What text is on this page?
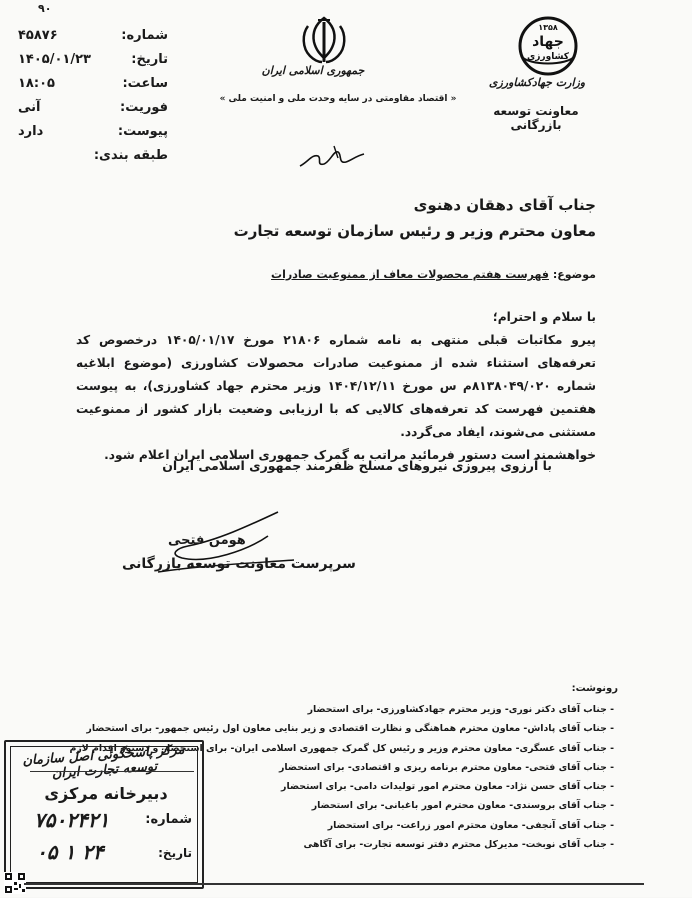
۹۰
شماره:
۴۵۸۷۶
تاریخ:
۱۴۰۵/۰۱/۲۳
ساعت:
۱۸:۰۵
فوریت:
آنی
پیوست:
دارد
طبقه بندی:
جمهوری اسلامی ایران
« اقتصاد مقاومتی در سایه وحدت ملی و امنیت ملی »
۱۳۵۸
جهاد
کشاورزی
وزارت جهادکشاورزی
معاونت توسعه بازرگانی
جناب آقای دهقان دهنوی
معاون محترم وزیر و رئیس سازمان توسعه تجارت
موضوع: فهرست هفتم محصولات معاف از ممنوعیت صادرات

با سلام و احترام؛

پیرو مکاتبات قبلی منتهی به نامه شماره ۲۱۸۰۶ مورخ ۱۴۰۵/۰۱/۱۷ درخصوص کد تعرفه‌های استثناء شده از ممنوعیت صادرات محصولات کشاورزی (موضوع ابلاغیه شماره ۸۱۳۸۰۴۹/۰۲۰م س مورخ ۱۴۰۴/۱۲/۱۱ وزیر محترم جهاد کشاورزی)، به پیوست هفتمین فهرست کد تعرفه‌های کالایی که با ارزیابی وضعیت بازار کشور از ممنوعیت مستثنی می‌شوند، ایفاد می‌گردد.

خواهشمند است دستور فرمائید مراتب به گمرک جمهوری اسلامی ایران اعلام شود.

با آرزوی پیروزی نیروهای مسلح ظفرمند جمهوری اسلامی ایران
هومن فتحی
سرپرست معاونت توسعه بازرگانی
رونوشت:
- جناب آقای دکتر نوری- وزیر محترم جهادکشاورزی- برای استحضار
- جناب آقای پاداش- معاون محترم هماهنگی و نظارت اقتصادی و زیر بنایی معاون اول رئیس جمهور- برای استحضار
- جناب آقای عسگری- معاون محترم وزیر و رئیس کل گمرک جمهوری اسلامی ایران- برای استحضار و دستور اقدام لازم
- جناب آقای فتحی- معاون محترم برنامه ریزی و اقتصادی- برای استحضار
- جناب آقای حسن نژاد- معاون محترم امور تولیدات دامی- برای استحضار
- جناب آقای بروسندی- معاون محترم امور باغبانی- برای استحضار
- جناب آقای آنجفی- معاون محترم امور زراعت- برای استحضار
- جناب آقای نوبخت- مدیرکل محترم دفتر توسعه تجارت- برای آگاهی
مرکز پاسخگوئی اصل سازمان توسعه تجارت ایران
دبیرخانه مرکزی
شماره:
۷۵۰۲۴۲۱
تاریخ:
۰۵ ۱ ۲۴
